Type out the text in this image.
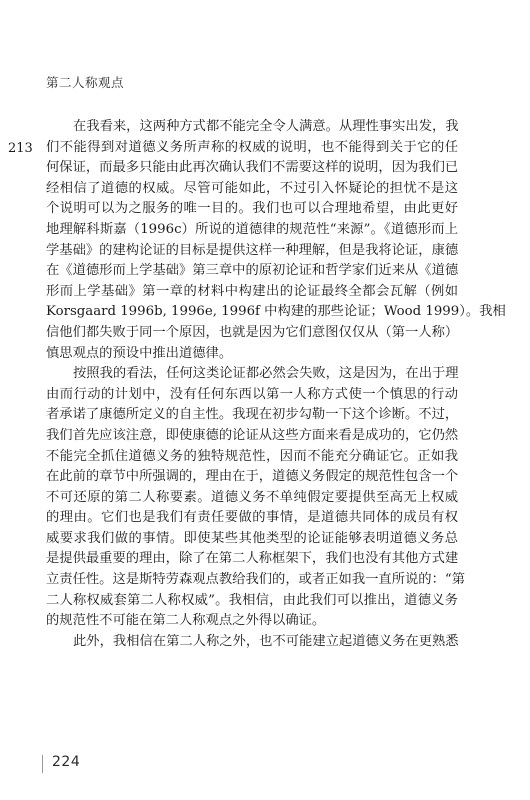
第二人称观点
213
在我看来，这两种方式都不能完全令人满意。从理性事实出发，我
们不能得到对道德义务所声称的权威的说明，也不能得到关于它的任
何保证，而最多只能由此再次确认我们不需要这样的说明，因为我们已
经相信了道德的权威。尽管可能如此，不过引入怀疑论的担忧不是这
个说明可以为之服务的唯一目的。我们也可以合理地希望，由此更好
地理解科斯嘉（1996c）所说的道德律的规范性“来源”。《道德形而上
学基础》的建构论证的目标是提供这样一种理解，但是我将论证，康德
在《道德形而上学基础》第三章中的原初论证和哲学家们近来从《道德
形而上学基础》第一章的材料中构建出的论证最终全都会瓦解（例如
Korsgaard 1996b, 1996e, 1996f 中构建的那些论证；Wood 1999）。我相
信他们都失败于同一个原因，也就是因为它们意图仅仅从（第一人称）
慎思观点的预设中推出道德律。
按照我的看法，任何这类论证都必然会失败，这是因为，在出于理
由而行动的计划中，没有任何东西以第一人称方式使一个慎思的行动
者承诺了康德所定义的自主性。我现在初步勾勒一下这个诊断。不过，
我们首先应该注意，即使康德的论证从这些方面来看是成功的，它仍然
不能完全抓住道德义务的独特规范性，因而不能充分确证它。正如我
在此前的章节中所强调的，理由在于，道德义务假定的规范性包含一个
不可还原的第二人称要素。道德义务不单纯假定要提供至高无上权威
的理由。它们也是我们有责任要做的事情，是道德共同体的成员有权
威要求我们做的事情。即使某些其他类型的论证能够表明道德义务总
是提供最重要的理由，除了在第二人称框架下，我们也没有其他方式建
立责任性。这是斯特劳森观点教给我们的，或者正如我一直所说的：“第
二人称权威套第二人称权威”。我相信，由此我们可以推出，道德义务
的规范性不可能在第二人称观点之外得以确证。
此外，我相信在第二人称之外，也不可能建立起道德义务在更熟悉
224
